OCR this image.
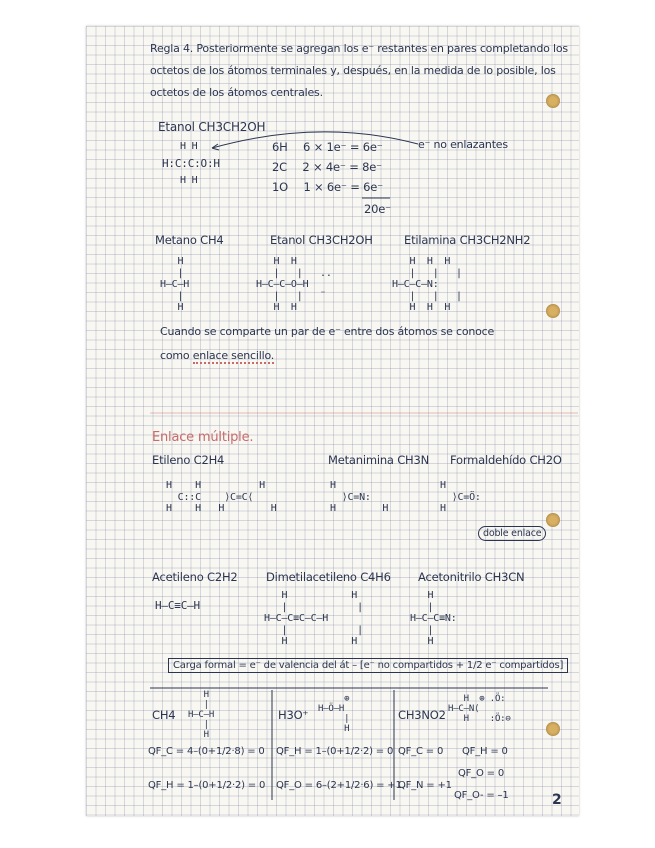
Regla 4. Posteriormente se agregan los e⁻ restantes en pares completando los
octetos de los átomos terminales y, después, en la medida de lo posible, los
octetos de los átomos centrales.
Etanol CH3CH2OH
H H
H:C:C:O:H
H H
6H 6 × 1e⁻ = 6e⁻
2C 2 × 4e⁻ = 8e⁻
1O 1 × 6e⁻ = 6e⁻
20e⁻
e⁻ no enlazantes
Metano CH4
H
|
H–C–H
|
H
Etanol CH3CH2OH
H  H
|   |   ..
H–C–C–O–H
|   |   ¨
H  H
Etilamina CH3CH2NH2
H  H  H
|   |   |
H–C–C–N:
|   |   |
H  H  H
Cuando se comparte un par de e⁻ entre dos átomos se conoce
como enlace sencillo.
Enlace múltiple.
Etileno C2H4
H    H          H
C::C    ⟩C=C⟨
H    H   H        H
Metanimina CH3N
H
⟩C=N:
H        H
Formaldehído CH2O
H
⟩C=Ö:
H
doble enlace
Acetileno C2H2
H–C≡C–H
Dimetilacetileno C4H6
H           H
|            |
H–C–C≡C–C–H
|            |
H           H
Acetonitrilo CH3CN
H
|
H–C–C≡N:
|
H
Carga formal = e⁻ de valencia del át – [e⁻ no compartidos + 1/2 e⁻ compartidos]
CH4
H
|
H–C–H
|
H
QF_C = 4–(0+1/2·8) = 0
QF_H = 1–(0+1/2·2) = 0
H3O⁺
⊕
H–Ö–H
|
H
QF_H = 1–(0+1/2·2) = 0
QF_O = 6–(2+1/2·6) = +1
CH3NO2
H  ⊕ .Ö:
H–C–N⟨
H    :Ö:⊖
QF_C = 0
QF_N = +1
QF_H = 0
QF_O = 0
QF_O- = –1	2
